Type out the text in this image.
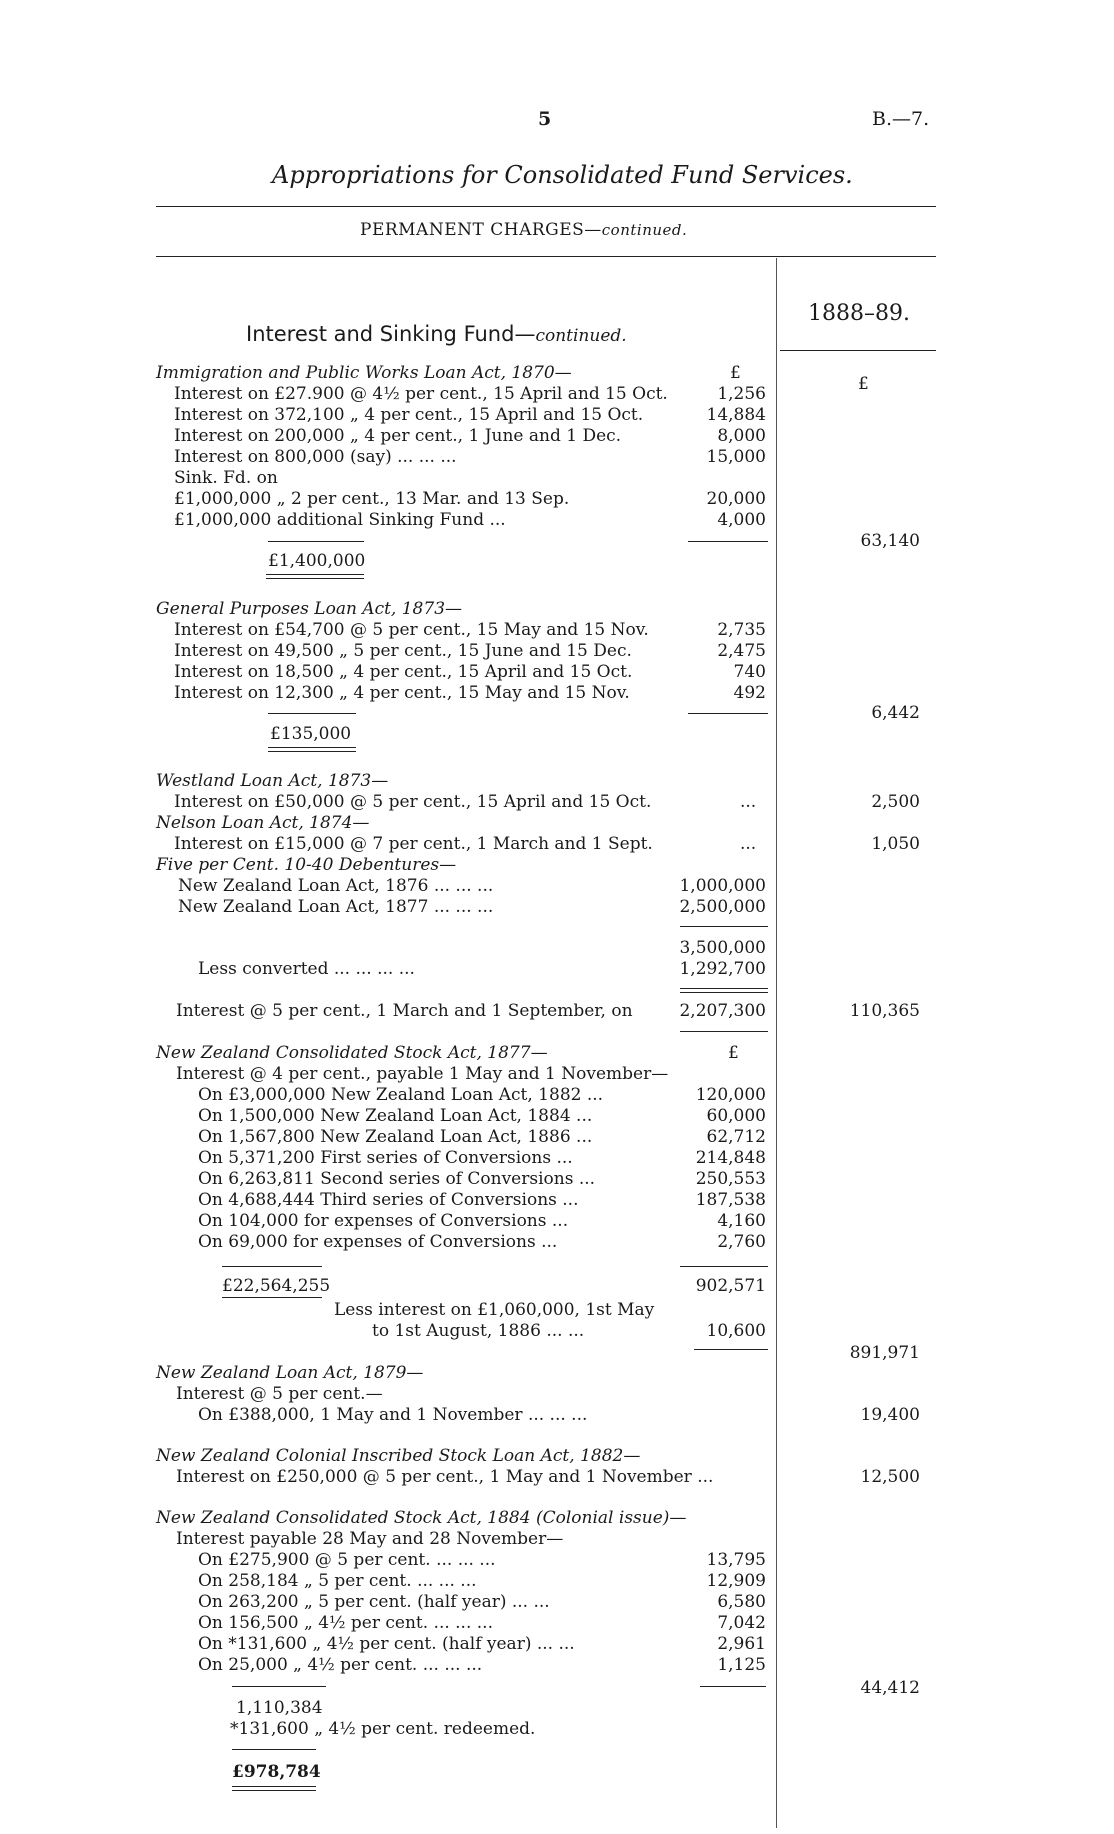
5	B.—7.
Appropriations for Consolidated Fund Services.
PERMANENT CHARGES—continued.
1888–89.
£
Interest and Sinking Fund—continued.
Immigration and Public Works Loan Act, 1870—	£
Interest on £27.900 @ 4½ per cent., 15 April and 15 Oct.	1,256
Interest on 372,100 „ 4 per cent., 15 April and 15 Oct.	14,884
Interest on 200,000 „ 4 per cent., 1 June and 1 Dec.	8,000
Interest on 800,000 (say) ... ... ...	15,000
Sink. Fd. on
£1,000,000 „ 2 per cent., 13 Mar. and 13 Sep.	20,000
£1,000,000 additional Sinking Fund ...	4,000
£1,400,000
63,140
General Purposes Loan Act, 1873—
Interest on £54,700 @ 5 per cent., 15 May and 15 Nov.	2,735
Interest on 49,500 „ 5 per cent., 15 June and 15 Dec.	2,475
Interest on 18,500 „ 4 per cent., 15 April and 15 Oct.	740
Interest on 12,300 „ 4 per cent., 15 May and 15 Nov.	492
£135,000
6,442
Westland Loan Act, 1873—
Interest on £50,000 @ 5 per cent., 15 April and 15 Oct.	...	2,500
Nelson Loan Act, 1874—
Interest on £15,000 @ 7 per cent., 1 March and 1 Sept.	...	1,050
Five per Cent. 10-40 Debentures—
New Zealand Loan Act, 1876 ... ... ...	1,000,000
New Zealand Loan Act, 1877 ... ... ...	2,500,000
3,500,000
Less converted ... ... ... ...	1,292,700
Interest @ 5 per cent., 1 March and 1 September, on	2,207,300	110,365
New Zealand Consolidated Stock Act, 1877—	£
Interest @ 4 per cent., payable 1 May and 1 November—
On £3,000,000 New Zealand Loan Act, 1882 ...	120,000
On 1,500,000 New Zealand Loan Act, 1884 ...	60,000
On 1,567,800 New Zealand Loan Act, 1886 ...	62,712
On 5,371,200 First series of Conversions ...	214,848
On 6,263,811 Second series of Conversions ...	250,553
On 4,688,444 Third series of Conversions ...	187,538
On 104,000 for expenses of Conversions ...	4,160
On 69,000 for expenses of Conversions ...	2,760
£22,564,255	902,571
Less interest on £1,060,000, 1st May
to 1st August, 1886 ... ...	10,600
891,971
New Zealand Loan Act, 1879—
Interest @ 5 per cent.—
On £388,000, 1 May and 1 November ... ... ...	19,400
New Zealand Colonial Inscribed Stock Loan Act, 1882—
Interest on £250,000 @ 5 per cent., 1 May and 1 November ...	12,500
New Zealand Consolidated Stock Act, 1884 (Colonial issue)—
Interest payable 28 May and 28 November—
On £275,900 @ 5 per cent. ... ... ...	13,795
On 258,184 „ 5 per cent. ... ... ...	12,909
On 263,200 „ 5 per cent. (half year) ... ...	6,580
On 156,500 „ 4½ per cent. ... ... ...	7,042
On *131,600 „ 4½ per cent. (half year) ... ...	2,961
On 25,000 „ 4½ per cent. ... ... ...	1,125
1,110,384
*131,600 „ 4½ per cent. redeemed.
£978,784
44,412
